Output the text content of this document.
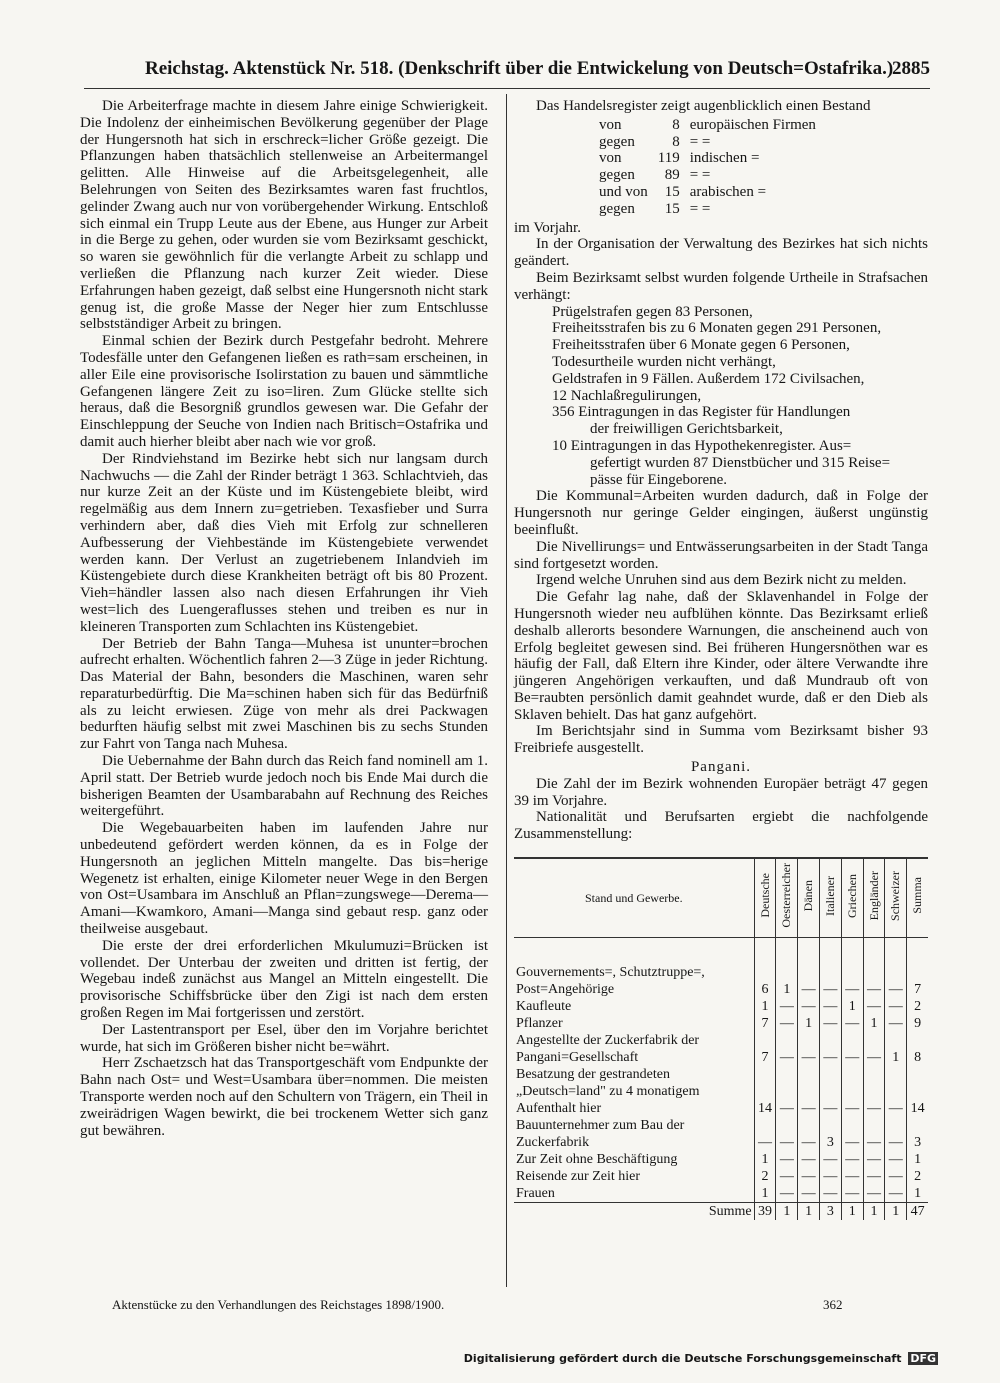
Reichstag. Aktenstück Nr. 518. (Denkschrift über die Entwickelung von Deutsch=Ostafrika.)
2885

Die Arbeiterfrage machte in diesem Jahre einige Schwierigkeit. Die Indolenz der einheimischen Bevölkerung gegenüber der Plage der Hungersnoth hat sich in erschreck=licher Größe gezeigt. Die Pflanzungen haben thatsächlich stellenweise an Arbeitermangel gelitten. Alle Hinweise auf die Arbeitsgelegenheit, alle Belehrungen von Seiten des Bezirksamtes waren fast fruchtlos, gelinder Zwang auch nur von vorübergehender Wirkung. Entschloß sich einmal ein Trupp Leute aus der Ebene, aus Hunger zur Arbeit in die Berge zu gehen, oder wurden sie vom Bezirksamt geschickt, so waren sie gewöhnlich für die verlangte Arbeit zu schlapp und verließen die Pflanzung nach kurzer Zeit wieder. Diese Erfahrungen haben gezeigt, daß selbst eine Hungersnoth nicht stark genug ist, die große Masse der Neger hier zum Entschlusse selbstständiger Arbeit zu bringen.

Einmal schien der Bezirk durch Pestgefahr bedroht. Mehrere Todesfälle unter den Gefangenen ließen es rath=sam erscheinen, in aller Eile eine provisorische Isolirstation zu bauen und sämmtliche Gefangenen längere Zeit zu iso=liren. Zum Glücke stellte sich heraus, daß die Besorgniß grundlos gewesen war. Die Gefahr der Einschleppung der Seuche von Indien nach Britisch=Ostafrika und damit auch hierher bleibt aber nach wie vor groß.

Der Rindviehstand im Bezirke hebt sich nur langsam durch Nachwuchs — die Zahl der Rinder beträgt 1 363. Schlachtvieh, das nur kurze Zeit an der Küste und im Küstengebiete bleibt, wird regelmäßig aus dem Innern zu=getrieben. Texasfieber und Surra verhindern aber, daß dies Vieh mit Erfolg zur schnelleren Aufbesserung der Viehbestände im Küstengebiete verwendet werden kann. Der Verlust an zugetriebenem Inlandvieh im Küstengebiete durch diese Krankheiten beträgt oft bis 80 Prozent. Vieh=händler lassen also nach diesen Erfahrungen ihr Vieh west=lich des Luengeraflusses stehen und treiben es nur in kleineren Transporten zum Schlachten ins Küstengebiet.

Der Betrieb der Bahn Tanga—Muhesa ist ununter=brochen aufrecht erhalten. Wöchentlich fahren 2—3 Züge in jeder Richtung. Das Material der Bahn, besonders die Maschinen, waren sehr reparaturbedürftig. Die Ma=schinen haben sich für das Bedürfniß als zu leicht erwiesen. Züge von mehr als drei Packwagen bedurften häufig selbst mit zwei Maschinen bis zu sechs Stunden zur Fahrt von Tanga nach Muhesa.

Die Uebernahme der Bahn durch das Reich fand nominell am 1. April statt. Der Betrieb wurde jedoch noch bis Ende Mai durch die bisherigen Beamten der Usambarabahn auf Rechnung des Reiches weitergeführt.

Die Wegebauarbeiten haben im laufenden Jahre nur unbedeutend gefördert werden können, da es in Folge der Hungersnoth an jeglichen Mitteln mangelte. Das bis=herige Wegenetz ist erhalten, einige Kilometer neuer Wege in den Bergen von Ost=Usambara im Anschluß an Pflan=zungswege—Derema—Amani—Kwamkoro, Amani—Manga sind gebaut resp. ganz oder theilweise ausgebaut.

Die erste der drei erforderlichen Mkulumuzi=Brücken ist vollendet. Der Unterbau der zweiten und dritten ist fertig, der Wegebau indeß zunächst aus Mangel an Mitteln eingestellt. Die provisorische Schiffsbrücke über den Zigi ist nach dem ersten großen Regen im Mai fortgerissen und zerstört.

Der Lastentransport per Esel, über den im Vorjahre berichtet wurde, hat sich im Größeren bisher nicht be=währt.

Herr Zschaetzsch hat das Transportgeschäft vom Endpunkte der Bahn nach Ost= und West=Usambara über=nommen. Die meisten Transporte werden noch auf den Schultern von Trägern, ein Theil in zweirädrigen Wagen bewirkt, die bei trockenem Wetter sich ganz gut bewähren.

Das Handelsregister zeigt augenblicklich einen Bestand

von	8	europäischen Firmen
gegen	8	= =
von	119	indischen =
gegen	89	= =
und von	15	arabischen =
gegen	15	= =

im Vorjahr.

In der Organisation der Verwaltung des Bezirkes hat sich nichts geändert.

Beim Bezirksamt selbst wurden folgende Urtheile in Strafsachen verhängt:

Prügelstrafen gegen 83 Personen,

Freiheitsstrafen bis zu 6 Monaten gegen 291 Personen,

Freiheitsstrafen über 6 Monate gegen 6 Personen,

Todesurtheile wurden nicht verhängt,

Geldstrafen in 9 Fällen. Außerdem 172 Civilsachen,

12 Nachlaßregulirungen,

356 Eintragungen in das Register für Handlungen

der freiwilligen Gerichtsbarkeit,

10 Eintragungen in das Hypothekenregister. Aus=

gefertigt wurden 87 Dienstbücher und 315 Reise=

pässe für Eingeborene.

Die Kommunal=Arbeiten wurden dadurch, daß in Folge der Hungersnoth nur geringe Gelder eingingen, äußerst ungünstig beeinflußt.

Die Nivellirungs= und Entwässerungsarbeiten in der Stadt Tanga sind fortgesetzt worden.

Irgend welche Unruhen sind aus dem Bezirk nicht zu melden.

Die Gefahr lag nahe, daß der Sklavenhandel in Folge der Hungersnoth wieder neu aufblühen könnte. Das Bezirksamt erließ deshalb allerorts besondere Warnungen, die anscheinend auch von Erfolg begleitet gewesen sind. Bei früheren Hungersnöthen war es häufig der Fall, daß Eltern ihre Kinder, oder ältere Verwandte ihre jüngeren Angehörigen verkauften, und daß Mundraub oft von Be=raubten persönlich damit geahndet wurde, daß er den Dieb als Sklaven behielt. Das hat ganz aufgehört.

Im Berichtsjahr sind in Summa vom Bezirksamt bisher 93 Freibriefe ausgestellt.

Pangani.

Die Zahl der im Bezirk wohnenden Europäer beträgt 47 gegen 39 im Vorjahre.

Nationalität und Berufsarten ergiebt die nachfolgende Zusammenstellung:

Stand und Gewerbe.	Deutsche	Oesterreicher	Dänen	Italiener	Griechen	Engländer	Schweizer	Summa

Gouvernements=, Schutztruppe=, Post=Angehörige	6	1	—	—	—	—	—	7
Kaufleute	1	—	—	—	1	—	—	2
Pflanzer	7	—	1	—	—	1	—	9
Angestellte der Zuckerfabrik der Pangani=Gesellschaft	7	—	—	—	—	—	1	8
Besatzung der gestrandeten „Deutsch=land" zu 4 monatigem Aufenthalt hier	14	—	—	—	—	—	—	14
Bauunternehmer zum Bau der Zuckerfabrik	—	—	—	3	—	—	—	3
Zur Zeit ohne Beschäftigung	1	—	—	—	—	—	—	1
Reisende zur Zeit hier	2	—	—	—	—	—	—	2
Frauen	1	—	—	—	—	—	—	1
Summe	39	1	1	3	1	1	1	47
Aktenstücke zu den Verhandlungen des Reichstages 1898/1900.	362
Digitalisierung gefördert durch die Deutsche Forschungsgemeinschaft DFG
